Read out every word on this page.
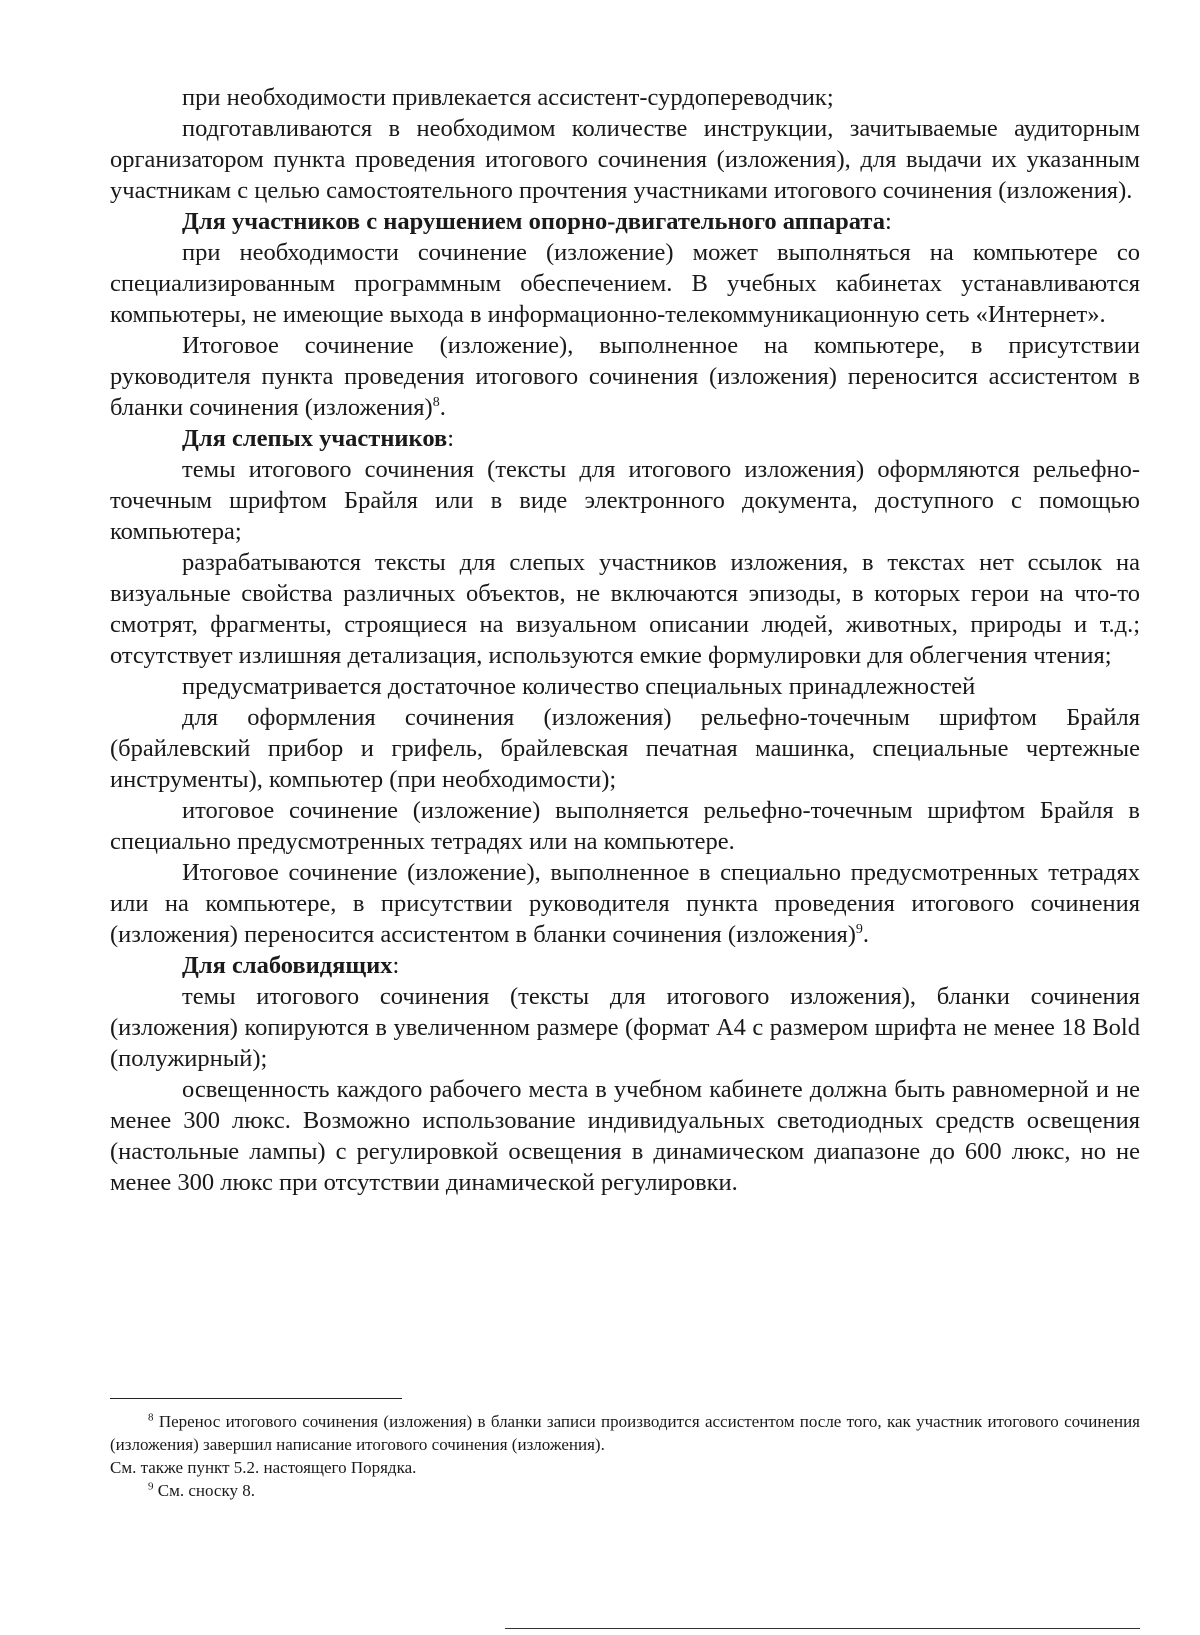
при необходимости привлекается ассистент-сурдопереводчик;

подготавливаются в необходимом количестве инструкции, зачитываемые аудиторным организатором пункта проведения итогового сочинения (изложения), для выдачи их указанным участникам с целью самостоятельного прочтения участниками итогового сочинения (изложения).

Для участников с нарушением опорно-двигательного аппарата:

при необходимости сочинение (изложение) может выполняться на компьютере со специализированным программным обеспечением. В учебных кабинетах устанавливаются компьютеры, не имеющие выхода в информационно-телекоммуникационную сеть «Интернет».

Итоговое сочинение (изложение), выполненное на компьютере, в присутствии руководителя пункта проведения итогового сочинения (изложения) переносится ассистентом в бланки сочинения (изложения)$^8$.

Для слепых участников:

темы итогового сочинения (тексты для итогового изложения) оформляются рельефно-точечным шрифтом Брайля или в виде электронного документа, доступного с помощью компьютера;

разрабатываются тексты для слепых участников изложения, в текстах нет ссылок на визуальные свойства различных объектов, не включаются эпизоды, в которых герои на что-то смотрят, фрагменты, строящиеся на визуальном описании людей, животных, природы и т.д.; отсутствует излишняя детализация, используются емкие формулировки для облегчения чтения;

предусматривается достаточное количество специальных принадлежностей

для оформления сочинения (изложения) рельефно-точечным шрифтом Брайля (брайлевский прибор и грифель, брайлевская печатная машинка, специальные чертежные инструменты), компьютер (при необходимости);

итоговое сочинение (изложение) выполняется рельефно-точечным шрифтом Брайля в специально предусмотренных тетрадях или на компьютере.

Итоговое сочинение (изложение), выполненное в специально предусмотренных тетрадях или на компьютере, в присутствии руководителя пункта проведения итогового сочинения (изложения) переносится ассистентом в бланки сочинения (изложения)$^9$.

Для слабовидящих:

темы итогового сочинения (тексты для итогового изложения), бланки сочинения (изложения) копируются в увеличенном размере (формат А4 с размером шрифта не менее 18 Bold (полужирный);

освещенность каждого рабочего места в учебном кабинете должна быть равномерной и не менее 300 люкс. Возможно использование индивидуальных светодиодных средств освещения (настольные лампы) с регулировкой освещения в динамическом диапазоне до 600 люкс, но не менее 300 люкс при отсутствии динамической регулировки.

$^8$ Перенос итогового сочинения (изложения) в бланки записи производится ассистентом после того, как участник итогового сочинения (изложения) завершил написание итогового сочинения (изложения).

См. также пункт 5.2. настоящего Порядка.

$^9$ См. сноску 8.
